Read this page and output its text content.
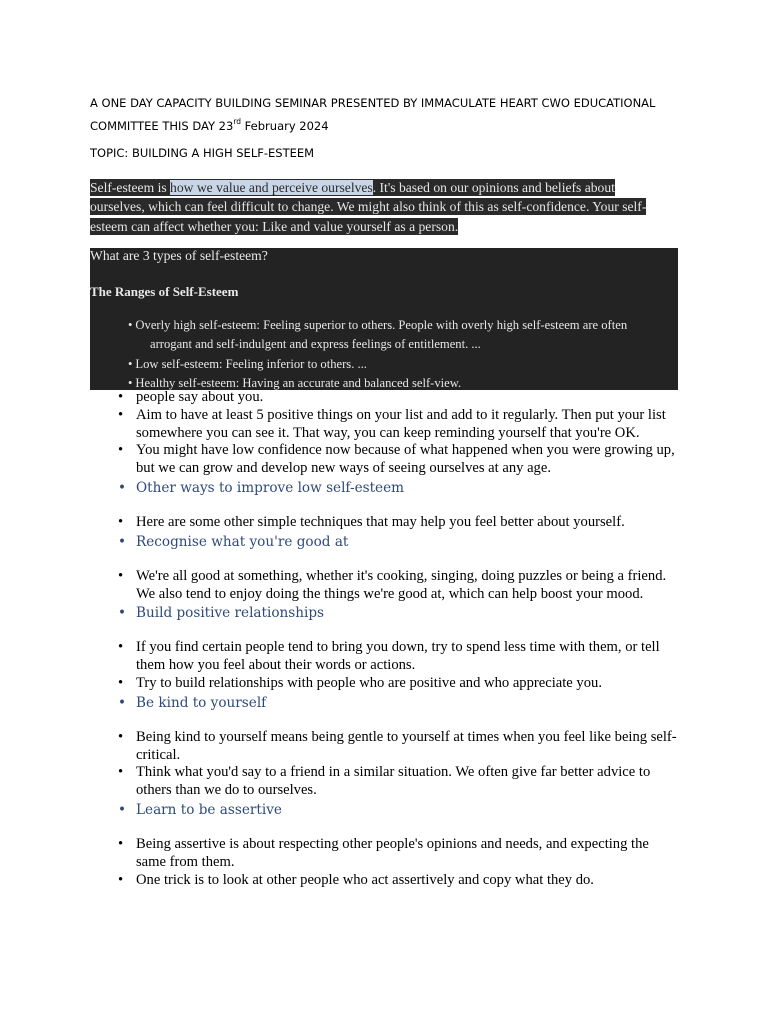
A ONE DAY CAPACITY BUILDING SEMINAR PRESENTED BY IMMACULATE HEART CWO EDUCATIONAL
COMMITTEE THIS DAY 23rd February 2024
TOPIC: BUILDING A HIGH SELF-ESTEEM
Self-esteem is how we value and perceive ourselves. It's based on our opinions and beliefs about ourselves, which can feel difficult to change. We might also think of this as self-confidence. Your self-esteem can affect whether you: Like and value yourself as a person.
What are 3 types of self-esteem?
The Ranges of Self-Esteem
• Overly high self-esteem: Feeling superior to others. People with overly high self-esteem are often
arrogant and self-indulgent and express feelings of entitlement. ...
• Low self-esteem: Feeling inferior to others. ...
• Healthy self-esteem: Having an accurate and balanced self-view.
• people say about you.
• Aim to have at least 5 positive things on your list and add to it regularly. Then put your list somewhere you can see it. That way, you can keep reminding yourself that you're OK.
• You might have low confidence now because of what happened when you were growing up, but we can grow and develop new ways of seeing ourselves at any age.
• Other ways to improve low self-esteem
• Here are some other simple techniques that may help you feel better about yourself.
• Recognise what you're good at
• We're all good at something, whether it's cooking, singing, doing puzzles or being a friend. We also tend to enjoy doing the things we're good at, which can help boost your mood.
• Build positive relationships
• If you find certain people tend to bring you down, try to spend less time with them, or tell them how you feel about their words or actions.
• Try to build relationships with people who are positive and who appreciate you.
• Be kind to yourself
• Being kind to yourself means being gentle to yourself at times when you feel like being self-critical.
• Think what you'd say to a friend in a similar situation. We often give far better advice to others than we do to ourselves.
• Learn to be assertive
• Being assertive is about respecting other people's opinions and needs, and expecting the same from them.
• One trick is to look at other people who act assertively and copy what they do.
